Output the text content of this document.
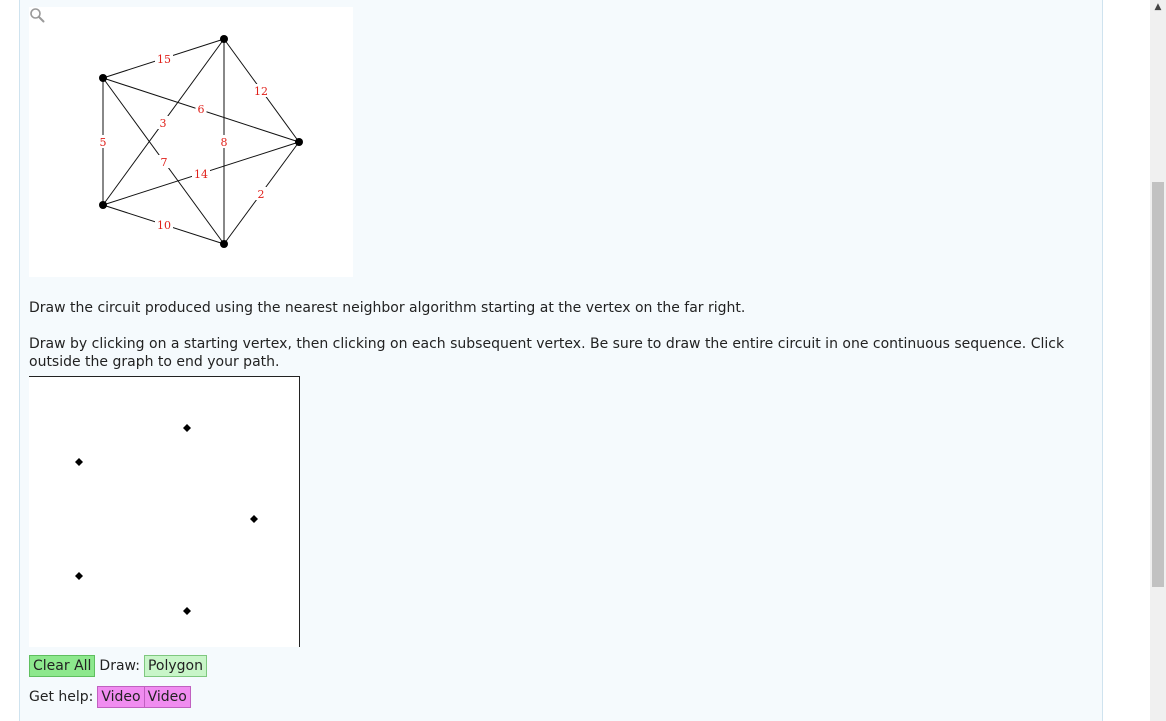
15
12
8
3
6
5
7
14
10
2

Draw the circuit produced using the nearest neighbor algorithm starting at the vertex on the far right.

Draw by clicking on a starting vertex, then clicking on each subsequent vertex. Be sure to draw the entire circuit in one continuous sequence. Click outside the graph to end your path.

Clear All Draw: Polygon
Get help: Video Video
▲
